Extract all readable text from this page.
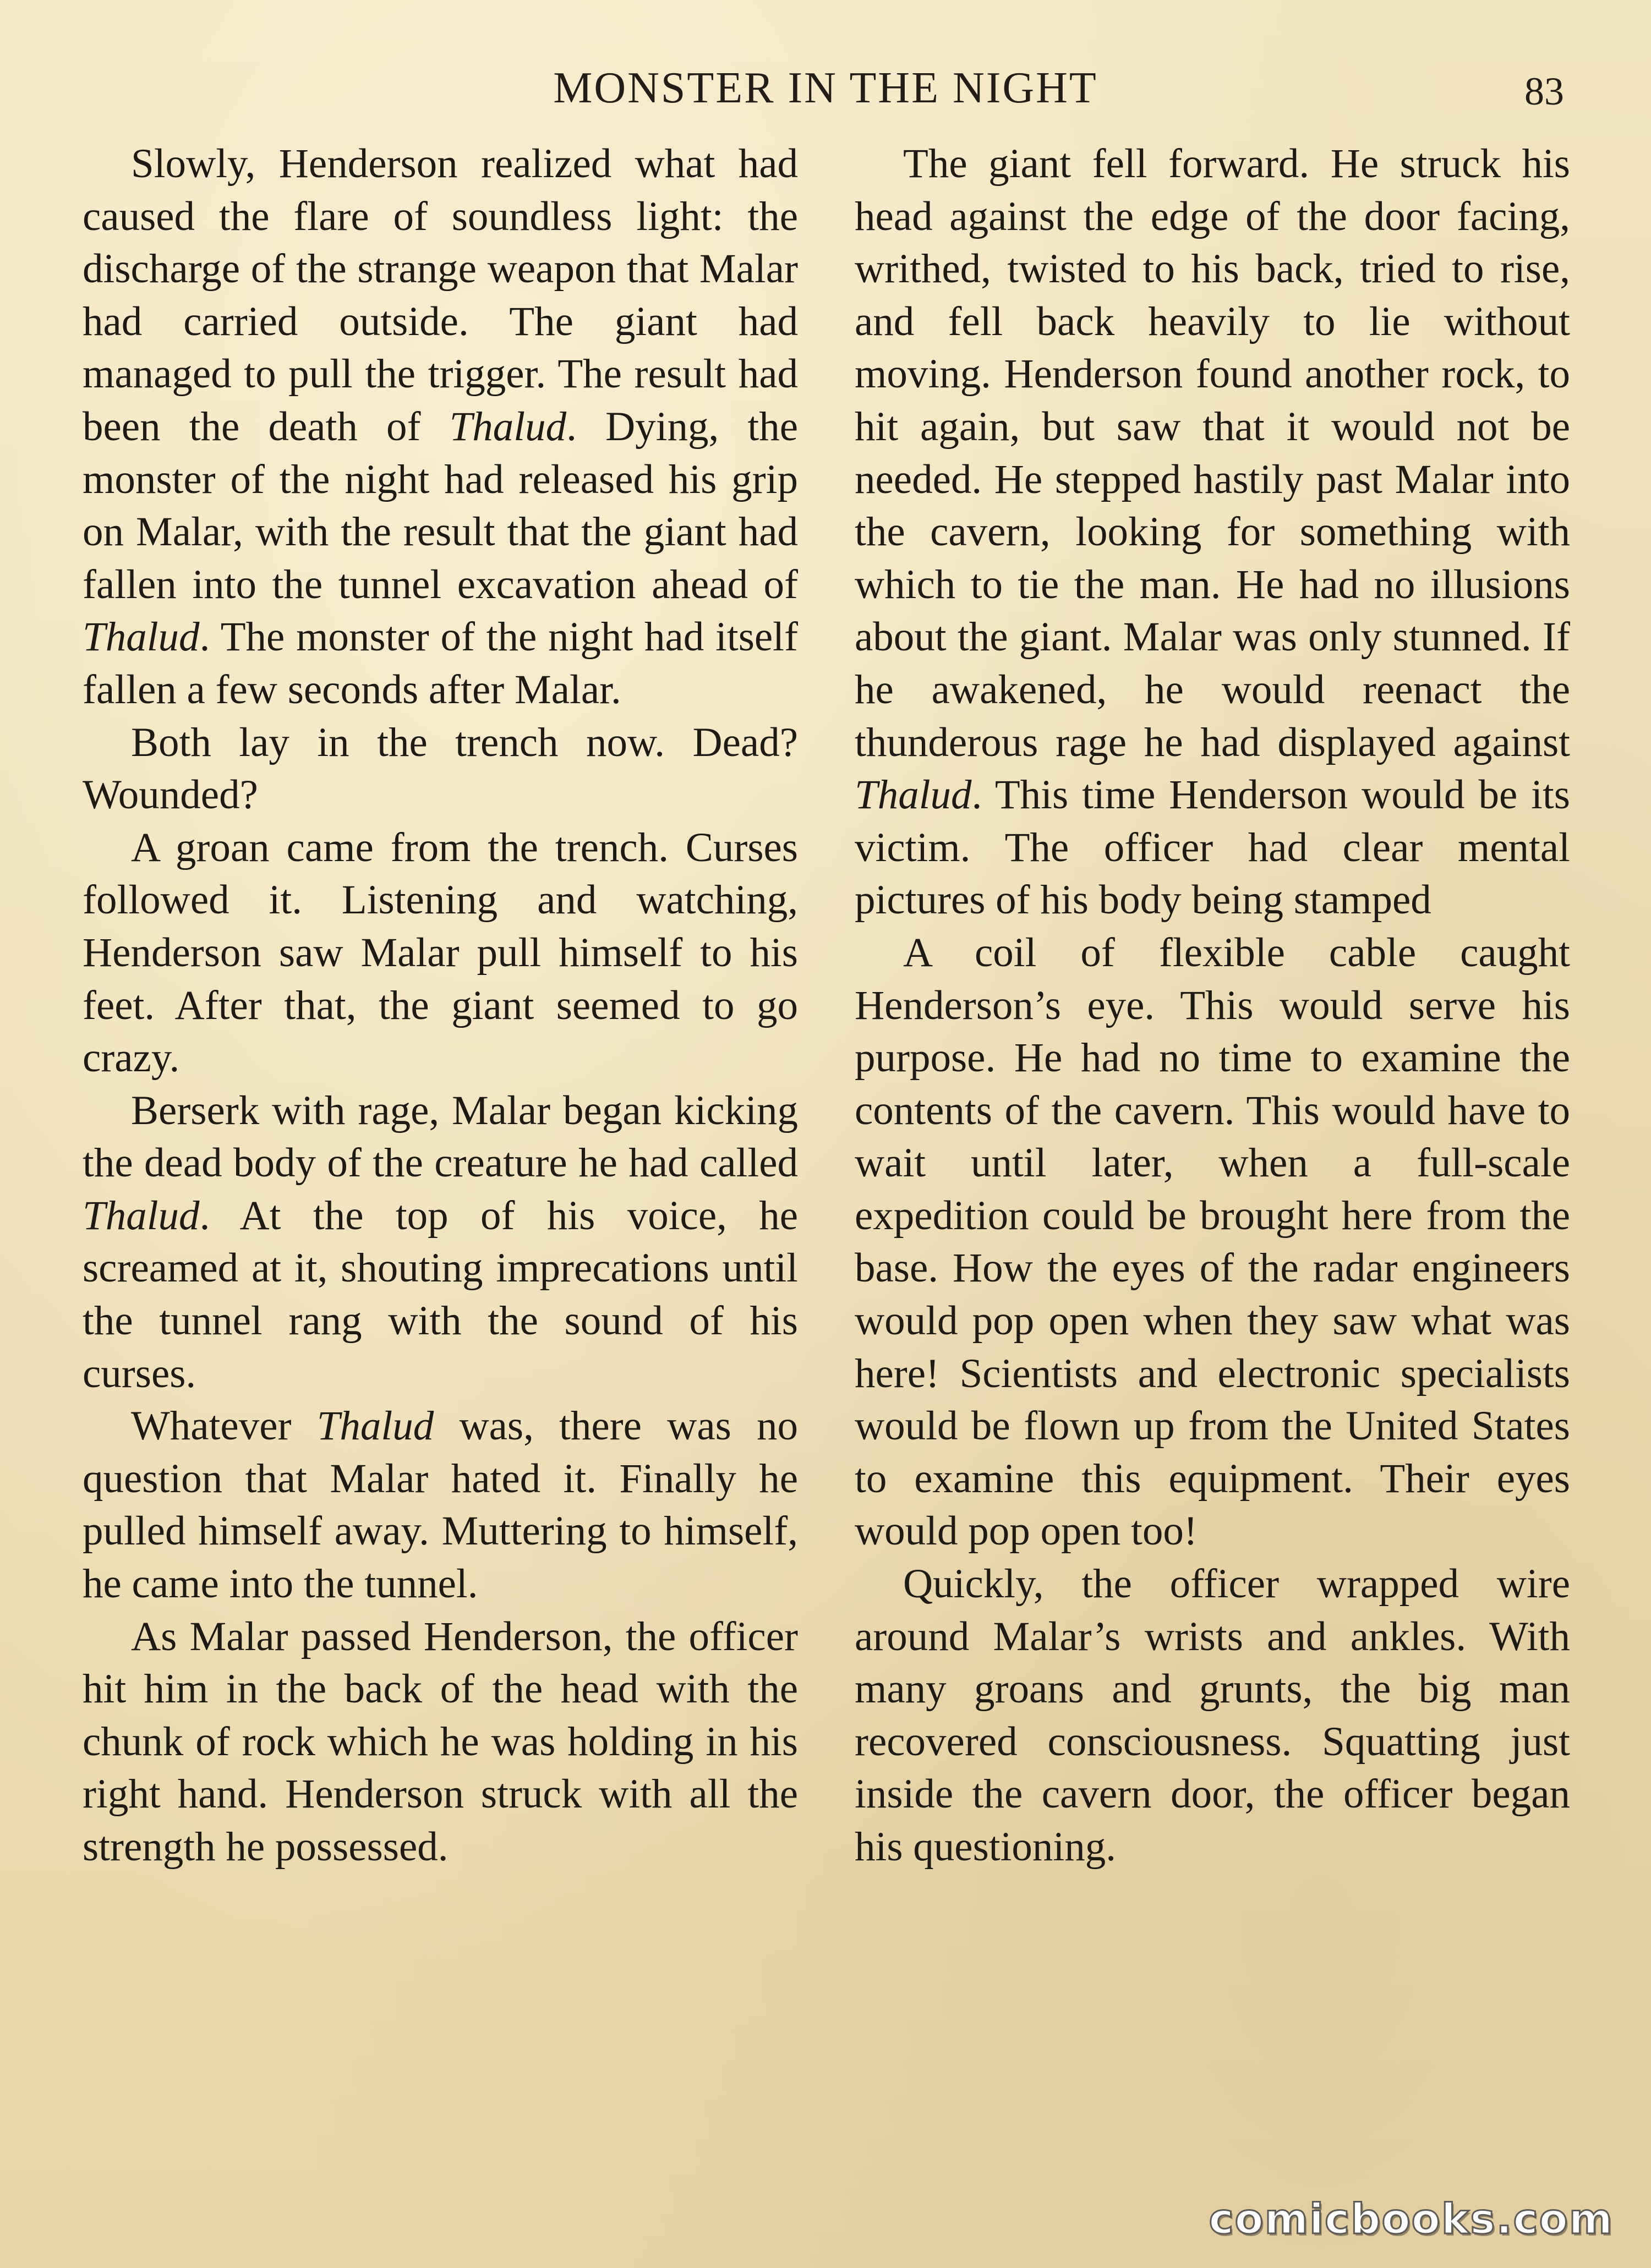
MONSTER IN THE NIGHT	83

Slowly, Henderson realized what had caused the flare of soundless light: the discharge of the strange weapon that Malar had carried outside. The giant had managed to pull the trigger. The result had been the death of Thalud. Dying, the monster of the night had released his grip on Malar, with the result that the giant had fallen into the tunnel excavation ahead of Thalud. The monster of the night had itself fallen a few seconds after Malar.

Both lay in the trench now. Dead? Wounded?

A groan came from the trench. Curses followed it. Listening and watching, Henderson saw Malar pull himself to his feet. After that, the giant seemed to go crazy.

Berserk with rage, Malar began kicking the dead body of the creature he had called Thalud. At the top of his voice, he screamed at it, shouting imprecations until the tunnel rang with the sound of his curses.

Whatever Thalud was, there was no question that Malar hated it. Finally he pulled himself away. Muttering to himself, he came into the tunnel.

As Malar passed Henderson, the officer hit him in the back of the head with the chunk of rock which he was holding in his right hand. Henderson struck with all the strength he possessed.

The giant fell forward. He struck his head against the edge of the door facing, writhed, twisted to his back, tried to rise, and fell back heavily to lie without moving. Henderson found another rock, to hit again, but saw that it would not be needed. He stepped hastily past Malar into the cavern, looking for something with which to tie the man. He had no illusions about the giant. Malar was only stunned. If he awakened, he would reenact the thunderous rage he had displayed against Thalud. This time Henderson would be its victim. The officer had clear mental pictures of his body being stamped

A coil of flexible cable caught Henderson’s eye. This would serve his purpose. He had no time to examine the contents of the cavern. This would have to wait until later, when a full-scale expedition could be brought here from the base. How the eyes of the radar engineers would pop open when they saw what was here! Scientists and electronic specialists would be flown up from the United States to examine this equipment. Their eyes would pop open too!

Quickly, the officer wrapped wire around Malar’s wrists and ankles. With many groans and grunts, the big man recovered consciousness. Squatting just inside the cavern door, the officer began his questioning.

comicbooks.com
